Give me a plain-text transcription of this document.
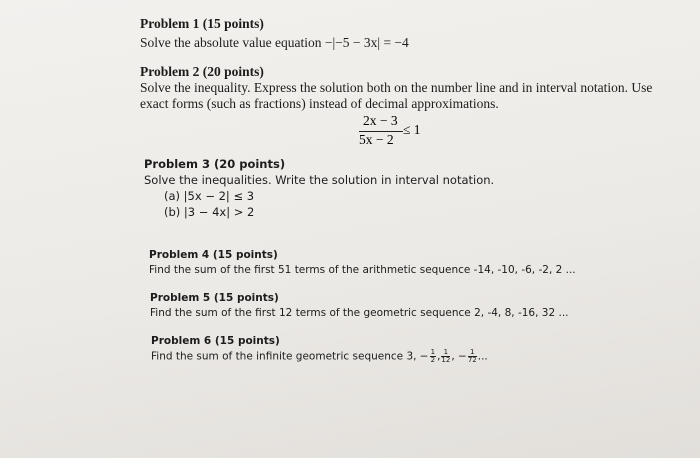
Problem 1 (15 points)
Solve the absolute value equation −|−5 − 3x| = −4
Problem 2 (20 points)
Solve the inequality. Express the solution both on the number line and in interval notation. Use
exact forms (such as fractions) instead of decimal approximations.
2x − 3
5x − 2
≤ 1
Problem 3 (20 points)
Solve the inequalities. Write the solution in interval notation.
(a) |5x − 2| ≤ 3
(b) |3 − 4x| > 2
Problem 4 (15 points)
Find the sum of the first 51 terms of the arithmetic sequence -14, -10, -6, -2, 2 ...
Problem 5 (15 points)
Find the sum of the first 12 terms of the geometric sequence 2, -4, 8, -16, 32 ...
Problem 6 (15 points)
Find the sum of the infinite geometric sequence 3, − $\frac{1}{2}$ , $\frac{1}{12}$ , − $\frac{1}{72}$ ...
